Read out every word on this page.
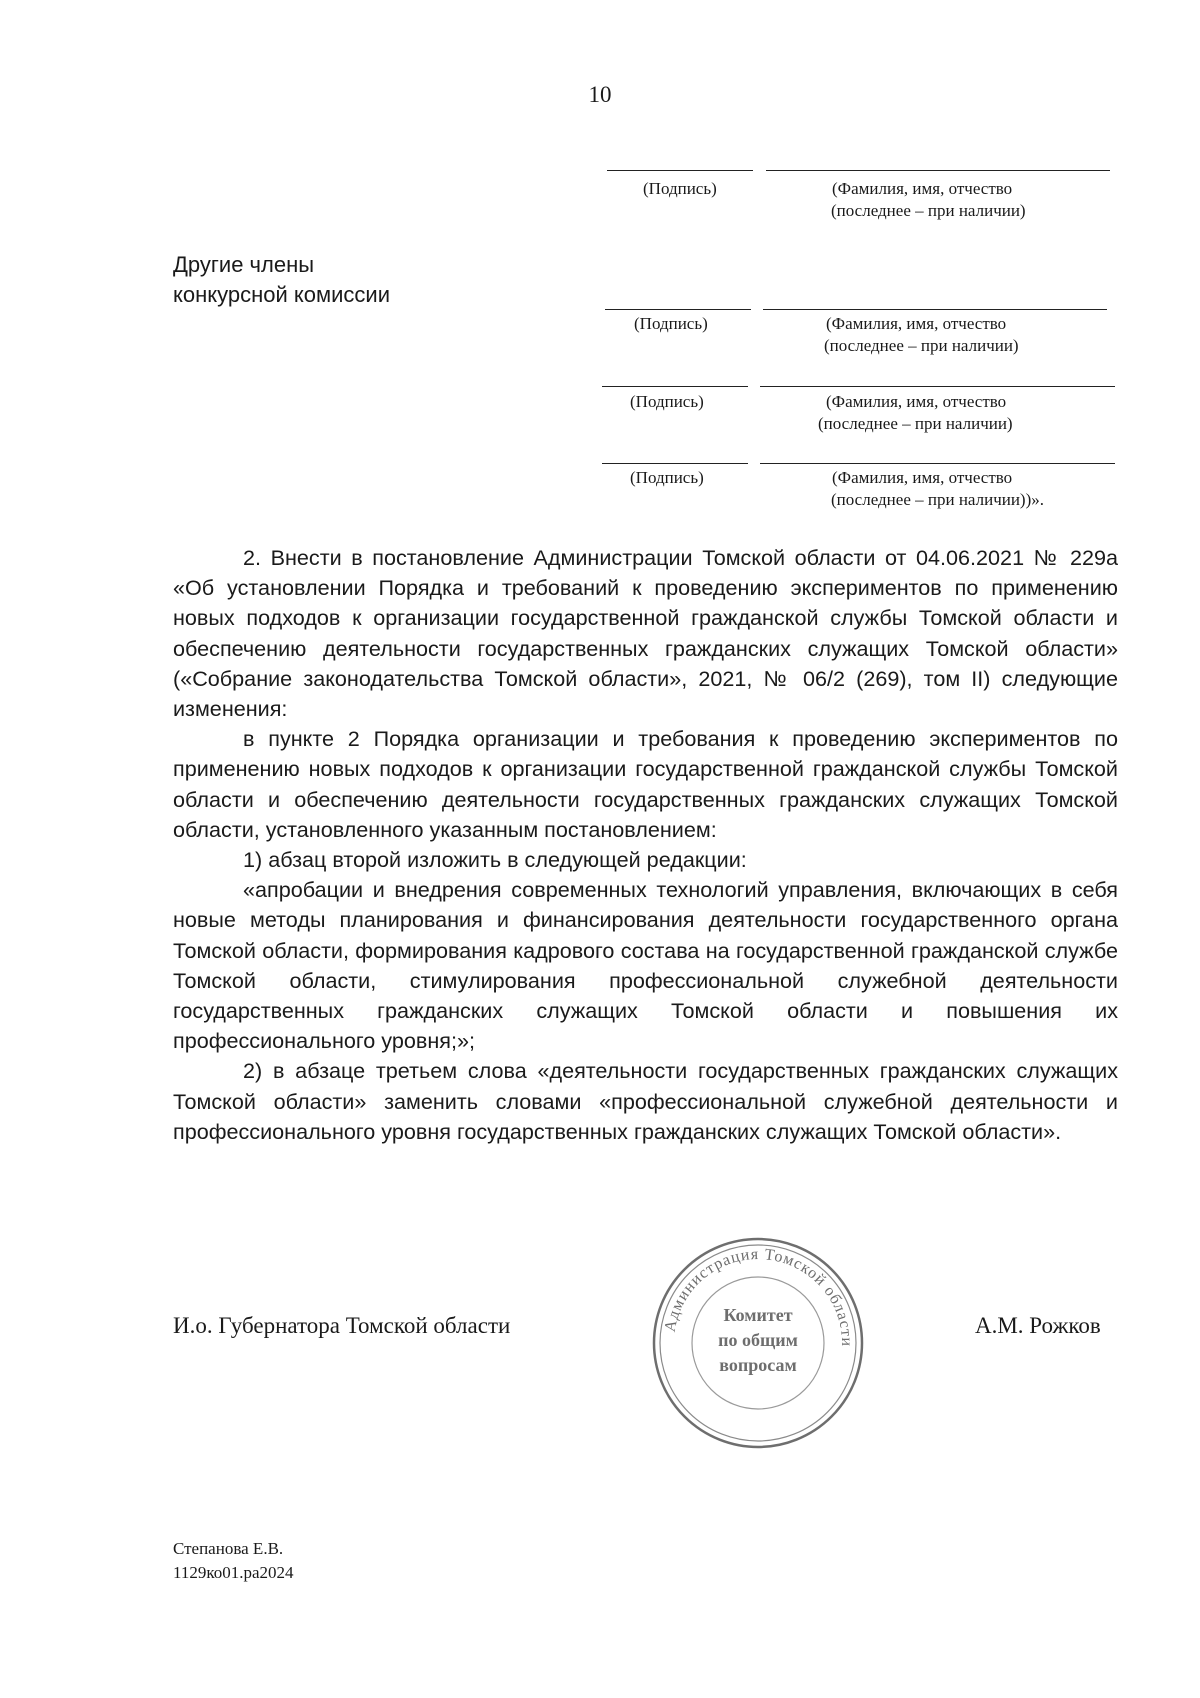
10
(Подпись)	(Фамилия, имя, отчество
(последнее – при наличии)
Другие члены
конкурсной комиссии
(Подпись)	(Фамилия, имя, отчество
(последнее – при наличии)
(Подпись)	(Фамилия, имя, отчество
(последнее – при наличии)
(Подпись)	(Фамилия, имя, отчество
(последнее – при наличии))».

2. Внести в постановление Администрации Томской области от 04.06.2021 № 229а «Об установлении Порядка и требований к проведению экспериментов по применению новых подходов к организации государственной гражданской службы Томской области и обеспечению деятельности государственных гражданских служащих Томской области» («Собрание законодательства Томской области», 2021, № 06/2 (269), том II) следующие изменения:

в пункте 2 Порядка организации и требования к проведению экспериментов по применению новых подходов к организации государственной гражданской службы Томской области и обеспечению деятельности государственных гражданских служащих Томской области, установленного указанным постановлением:

1) абзац второй изложить в следующей редакции:

«апробации и внедрения современных технологий управления, включающих в себя новые методы планирования и финансирования деятельности государственного органа Томской области, формирования кадрового состава на государственной гражданской службе Томской области, стимулирования профессиональной служебной деятельности государственных гражданских служащих Томской области и повышения их профессионального уровня;»;

2) в абзаце третьем слова «деятельности государственных гражданских служащих Томской области» заменить словами «профессиональной служебной деятельности и профессионального уровня государственных гражданских служащих Томской области».

И.о. Губернатора Томской области	А.М. Рожков
Администрация Томской области
Комитет
по общим
вопросам
Степанова Е.В.
1129ко01.ра2024
